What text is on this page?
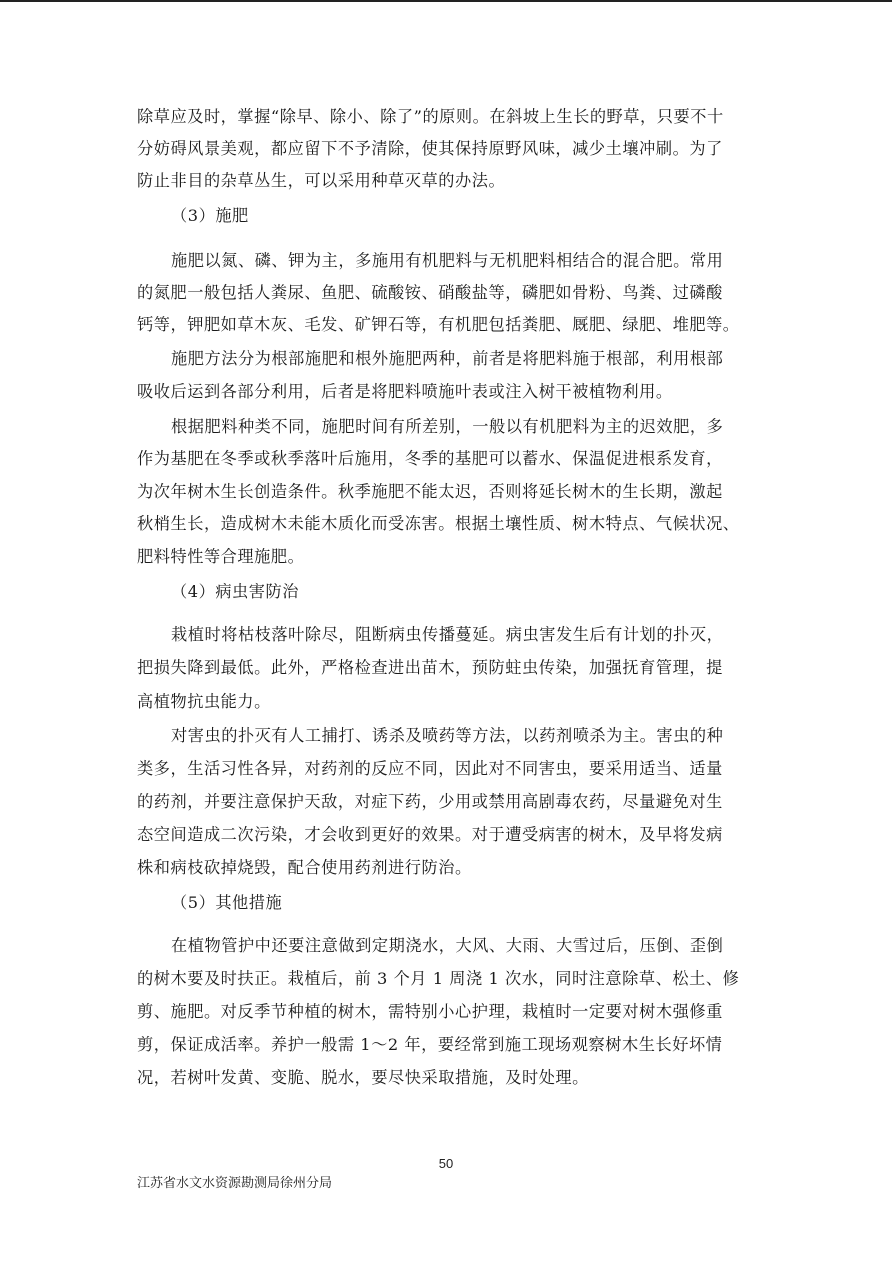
除草应及时，掌握“除早、除小、除了”的原则。在斜坡上生长的野草，只要不十
分妨碍风景美观，都应留下不予清除，使其保持原野风味，减少土壤冲刷。为了
防止非目的杂草丛生，可以采用种草灭草的办法。
（3）施肥
施肥以氮、磷、钾为主，多施用有机肥料与无机肥料相结合的混合肥。常用
的氮肥一般包括人粪尿、鱼肥、硫酸铵、硝酸盐等，磷肥如骨粉、鸟粪、过磷酸
钙等，钾肥如草木灰、毛发、矿钾石等，有机肥包括粪肥、厩肥、绿肥、堆肥等。
施肥方法分为根部施肥和根外施肥两种，前者是将肥料施于根部，利用根部
吸收后运到各部分利用，后者是将肥料喷施叶表或注入树干被植物利用。
根据肥料种类不同，施肥时间有所差别，一般以有机肥料为主的迟效肥，多
作为基肥在冬季或秋季落叶后施用，冬季的基肥可以蓄水、保温促进根系发育，
为次年树木生长创造条件。秋季施肥不能太迟，否则将延长树木的生长期，激起
秋梢生长，造成树木未能木质化而受冻害。根据土壤性质、树木特点、气候状况、
肥料特性等合理施肥。
（4）病虫害防治
栽植时将枯枝落叶除尽，阻断病虫传播蔓延。病虫害发生后有计划的扑灭，
把损失降到最低。此外，严格检查进出苗木，预防蛀虫传染，加强抚育管理，提
高植物抗虫能力。
对害虫的扑灭有人工捕打、诱杀及喷药等方法，以药剂喷杀为主。害虫的种
类多，生活习性各异，对药剂的反应不同，因此对不同害虫，要采用适当、适量
的药剂，并要注意保护天敌，对症下药，少用或禁用高剧毒农药，尽量避免对生
态空间造成二次污染，才会收到更好的效果。对于遭受病害的树木，及早将发病
株和病枝砍掉烧毁，配合使用药剂进行防治。
（5）其他措施
在植物管护中还要注意做到定期浇水，大风、大雨、大雪过后，压倒、歪倒
的树木要及时扶正。栽植后，前 3 个月 1 周浇 1 次水，同时注意除草、松土、修
剪、施肥。对反季节种植的树木，需特别小心护理，栽植时一定要对树木强修重
剪，保证成活率。养护一般需 1～2 年，要经常到施工现场观察树木生长好坏情
况，若树叶发黄、变脆、脱水，要尽快采取措施，及时处理。
50
江苏省水文水资源勘测局徐州分局
